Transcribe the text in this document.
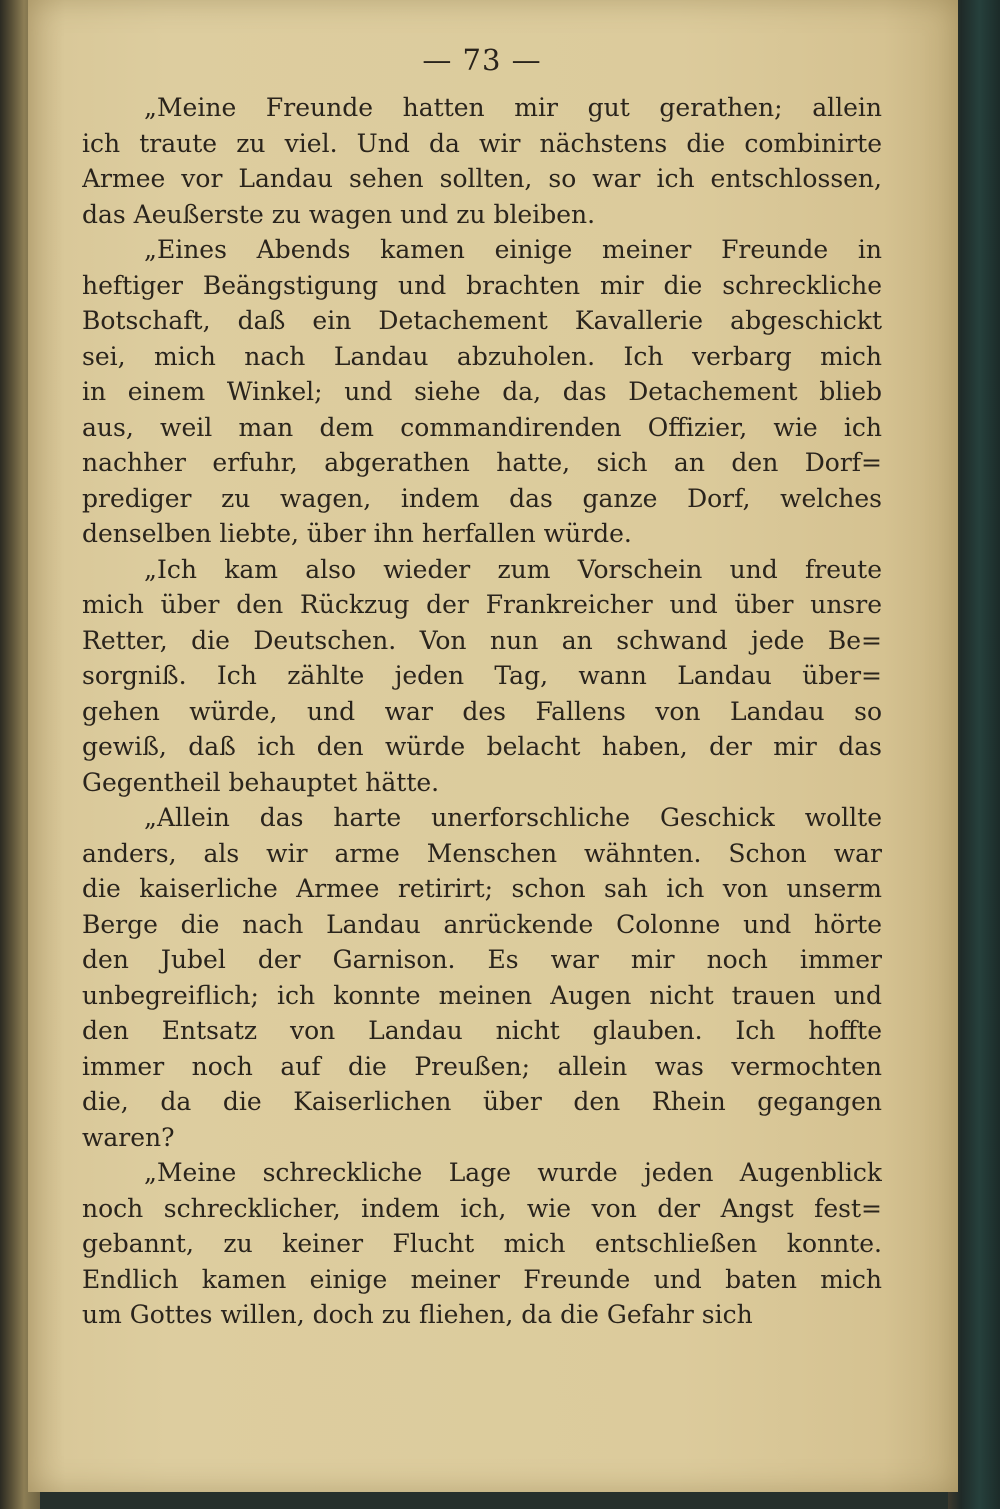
— 73 —
„Meine Freunde hatten mir gut gerathen; allein
ich traute zu viel. Und da wir nächstens die combinirte
Armee vor Landau sehen sollten, so war ich entschlossen,
das Aeußerste zu wagen und zu bleiben.
„Eines Abends kamen einige meiner Freunde in
heftiger Beängstigung und brachten mir die schreckliche
Botschaft, daß ein Detachement Kavallerie abgeschickt
sei, mich nach Landau abzuholen. Ich verbarg mich
in einem Winkel; und siehe da, das Detachement blieb
aus, weil man dem commandirenden Offizier, wie ich
nachher erfuhr, abgerathen hatte, sich an den Dorf=
prediger zu wagen, indem das ganze Dorf, welches
denselben liebte, über ihn herfallen würde.
„Ich kam also wieder zum Vorschein und freute
mich über den Rückzug der Frankreicher und über unsre
Retter, die Deutschen. Von nun an schwand jede Be=
sorgniß. Ich zählte jeden Tag, wann Landau über=
gehen würde, und war des Fallens von Landau so
gewiß, daß ich den würde belacht haben, der mir das
Gegentheil behauptet hätte.
„Allein das harte unerforschliche Geschick wollte
anders, als wir arme Menschen wähnten. Schon war
die kaiserliche Armee retirirt; schon sah ich von unserm
Berge die nach Landau anrückende Colonne und hörte
den Jubel der Garnison. Es war mir noch immer
unbegreiflich; ich konnte meinen Augen nicht trauen und
den Entsatz von Landau nicht glauben. Ich hoffte
immer noch auf die Preußen; allein was vermochten
die, da die Kaiserlichen über den Rhein gegangen
waren?
„Meine schreckliche Lage wurde jeden Augenblick
noch schrecklicher, indem ich, wie von der Angst fest=
gebannt, zu keiner Flucht mich entschließen konnte.
Endlich kamen einige meiner Freunde und baten mich
um Gottes willen, doch zu fliehen, da die Gefahr sich
